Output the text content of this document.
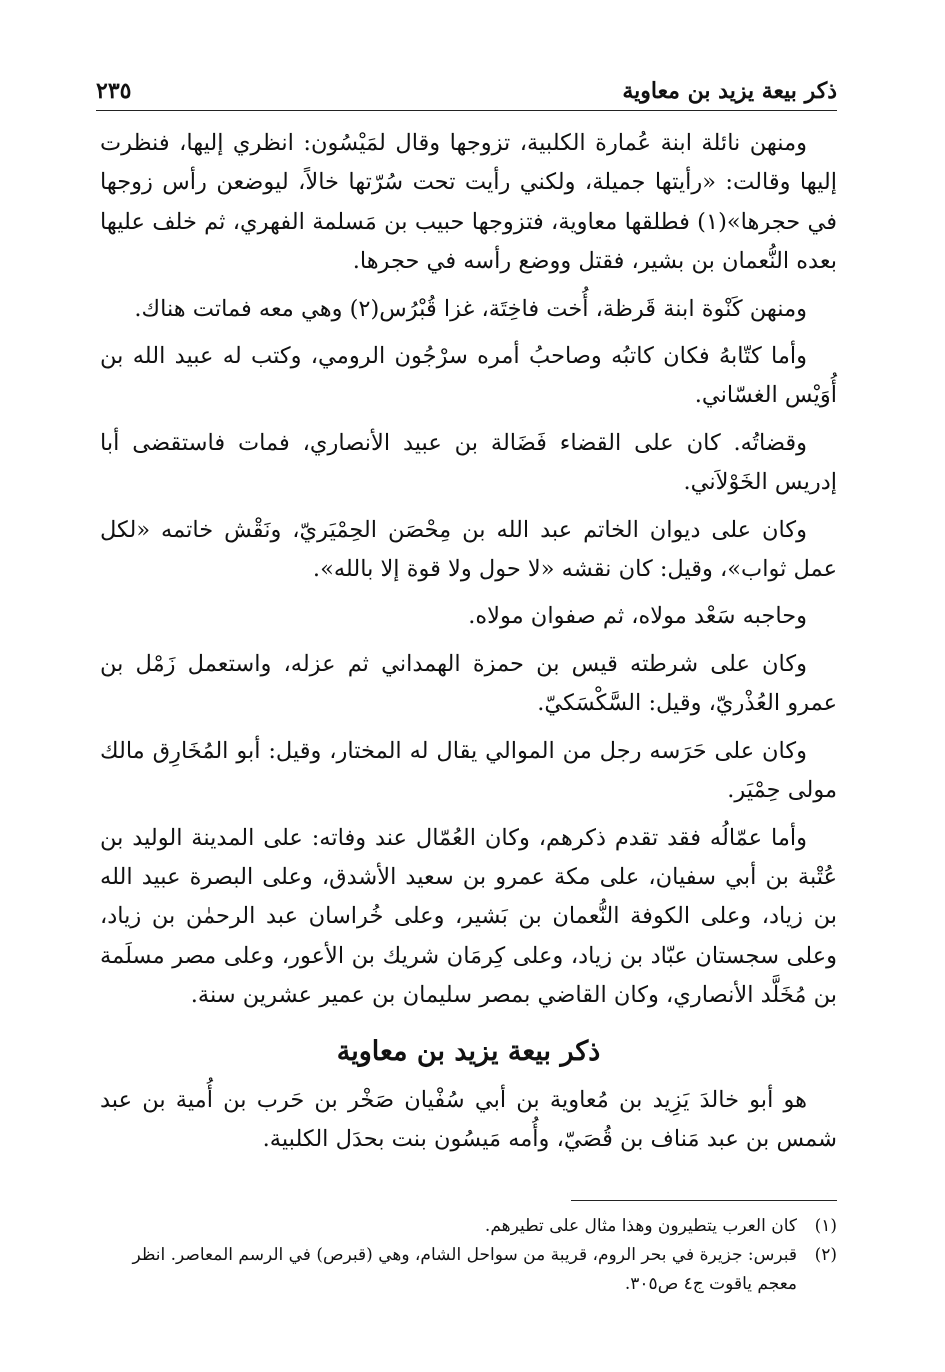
ذكر بيعة يزيد بن معاوية
٢٣٥

ومنهن نائلة ابنة عُمارة الكلبية، تزوجها وقال لمَيْسُون: انظري إليها، فنظرت إليها وقالت: «رأيتها جميلة، ولكني رأيت تحت سُرّتها خالاً، ليوضعن رأس زوجها في حجرها»(١) فطلقها معاوية، فتزوجها حبيب بن مَسلمة الفهري، ثم خلف عليها بعده النُّعمان بن بشير، فقتل ووضع رأسه في حجرها.

ومنهن كَنْوة ابنة قَرظة، أُخت فاخِتَة، غزا قُبْرُس(٢) وهي معه فماتت هناك.

وأما كتّابهُ فكان كاتبُه وصاحبُ أمره سرْجُون الرومي، وكتب له عبيد الله بن أُوَيْس الغسّاني.

وقضاتُه. كان على القضاء فَضَالة بن عبيد الأنصاري، فمات فاستقضى أبا إدريس الخَوْلاَني.

وكان على ديوان الخاتم عبد الله بن مِحْصَن الحِمْيَريّ، ونَقْش خاتمه «لكل عمل ثواب»، وقيل: كان نقشه «لا حول ولا قوة إلا بالله».

وحاجبه سَعْد مولاه، ثم صفوان مولاه.

وكان على شرطته قيس بن حمزة الهمداني ثم عزله، واستعمل زَمْل بن عمرو العُذْريّ، وقيل: السَّكْسَكيّ.

وكان على حَرَسه رجل من الموالي يقال له المختار، وقيل: أبو المُخَارِق مالك مولى حِمْيَر.

وأما عمّالُه فقد تقدم ذكرهم، وكان العُمّال عند وفاته: على المدينة الوليد بن عُتْبة بن أبي سفيان، على مكة عمرو بن سعيد الأشدق، وعلى البصرة عبيد الله بن زياد، وعلى الكوفة النُّعمان بن بَشير، وعلى خُراسان عبد الرحمٰن بن زياد، وعلى سجستان عبّاد بن زياد، وعلى كِرمَان شريك بن الأعور، وعلى مصر مسلَمة بن مُخَلَّد الأنصاري، وكان القاضي بمصر سليمان بن عمير عشرين سنة.

ذكر بيعة يزيد بن معاوية

هو أبو خالدَ يَزِيد بن مُعاوية بن أبي سُفْيان صَخْر بن حَرب بن أُمية بن عبد شمس بن عبد مَناف بن قُصَيّ، وأُمه مَيسُون بنت بحدَل الكلبية.

(١)
كان العرب يتطيرون وهذا مثال على تطيرهم.
(٢)
قبرس: جزيرة في بحر الروم، قريبة من سواحل الشام، وهي (قبرص) في الرسم المعاصر. انظر معجم ياقوت ج٤ ص٣٠٥.
